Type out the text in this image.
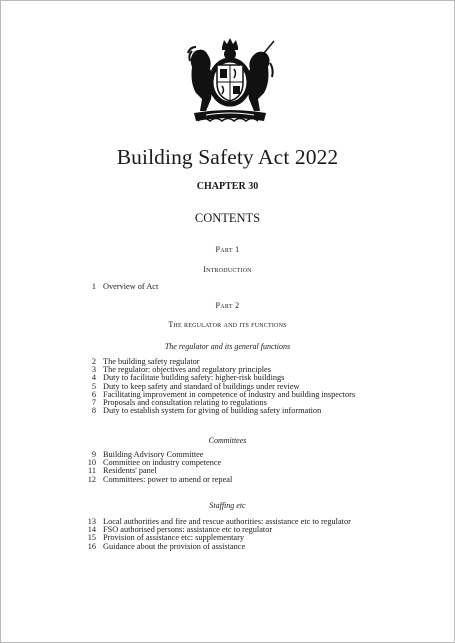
Building Safety Act 2022
CHAPTER 30
CONTENTS
Part 1
Introduction
1 Overview of Act
Part 2
The regulator and its functions
The regulator and its general functions
2 The building safety regulator
3 The regulator: objectives and regulatory principles
4 Duty to facilitate building safety: higher-risk buildings
5 Duty to keep safety and standard of buildings under review
6 Facilitating improvement in competence of industry and building inspectors
7 Proposals and consultation relating to regulations
8 Duty to establish system for giving of building safety information
Committees
9 Building Advisory Committee
10 Committee on industry competence
11 Residents' panel
12 Committees: power to amend or repeal
Staffing etc
13 Local authorities and fire and rescue authorities: assistance etc to regulator
14 FSO authorised persons: assistance etc to regulator
15 Provision of assistance etc: supplementary
16 Guidance about the provision of assistance
